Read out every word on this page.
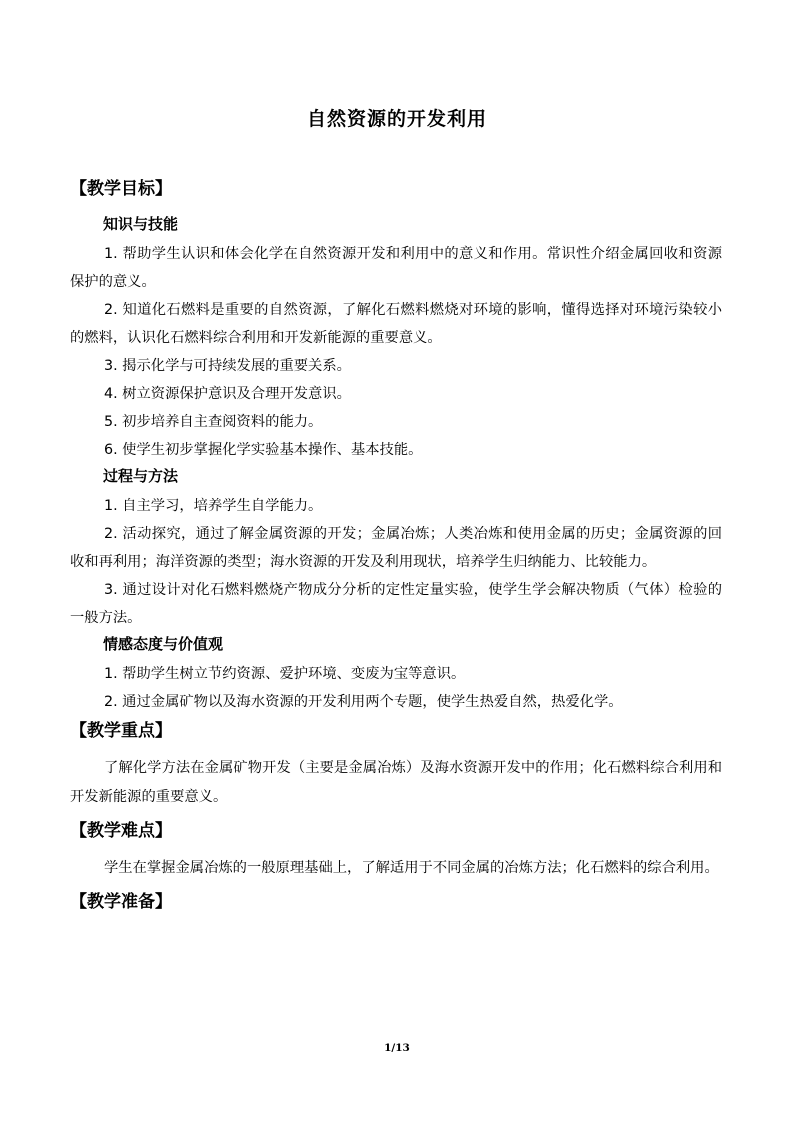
自然资源的开发利用
【教学目标】
知识与技能

1. 帮助学生认识和体会化学在自然资源开发和利用中的意义和作用。常识性介绍金属回收和资源保护的意义。

2. 知道化石燃料是重要的自然资源，了解化石燃料燃烧对环境的影响，懂得选择对环境污染较小的燃料，认识化石燃料综合利用和开发新能源的重要意义。

3. 揭示化学与可持续发展的重要关系。

4. 树立资源保护意识及合理开发意识。

5. 初步培养自主查阅资料的能力。

6. 使学生初步掌握化学实验基本操作、基本技能。

过程与方法

1. 自主学习，培养学生自学能力。

2. 活动探究，通过了解金属资源的开发；金属冶炼；人类冶炼和使用金属的历史；金属资源的回收和再利用；海洋资源的类型；海水资源的开发及利用现状，培养学生归纳能力、比较能力。

3. 通过设计对化石燃料燃烧产物成分分析的定性定量实验，使学生学会解决物质（气体）检验的一般方法。

情感态度与价值观

1. 帮助学生树立节约资源、爱护环境、变废为宝等意识。

2. 通过金属矿物以及海水资源的开发利用两个专题，使学生热爱自然，热爱化学。

【教学重点】

了解化学方法在金属矿物开发（主要是金属冶炼）及海水资源开发中的作用；化石燃料综合利用和开发新能源的重要意义。

【教学难点】

学生在掌握金属冶炼的一般原理基础上，了解适用于不同金属的冶炼方法；化石燃料的综合利用。

【教学准备】
1/13
